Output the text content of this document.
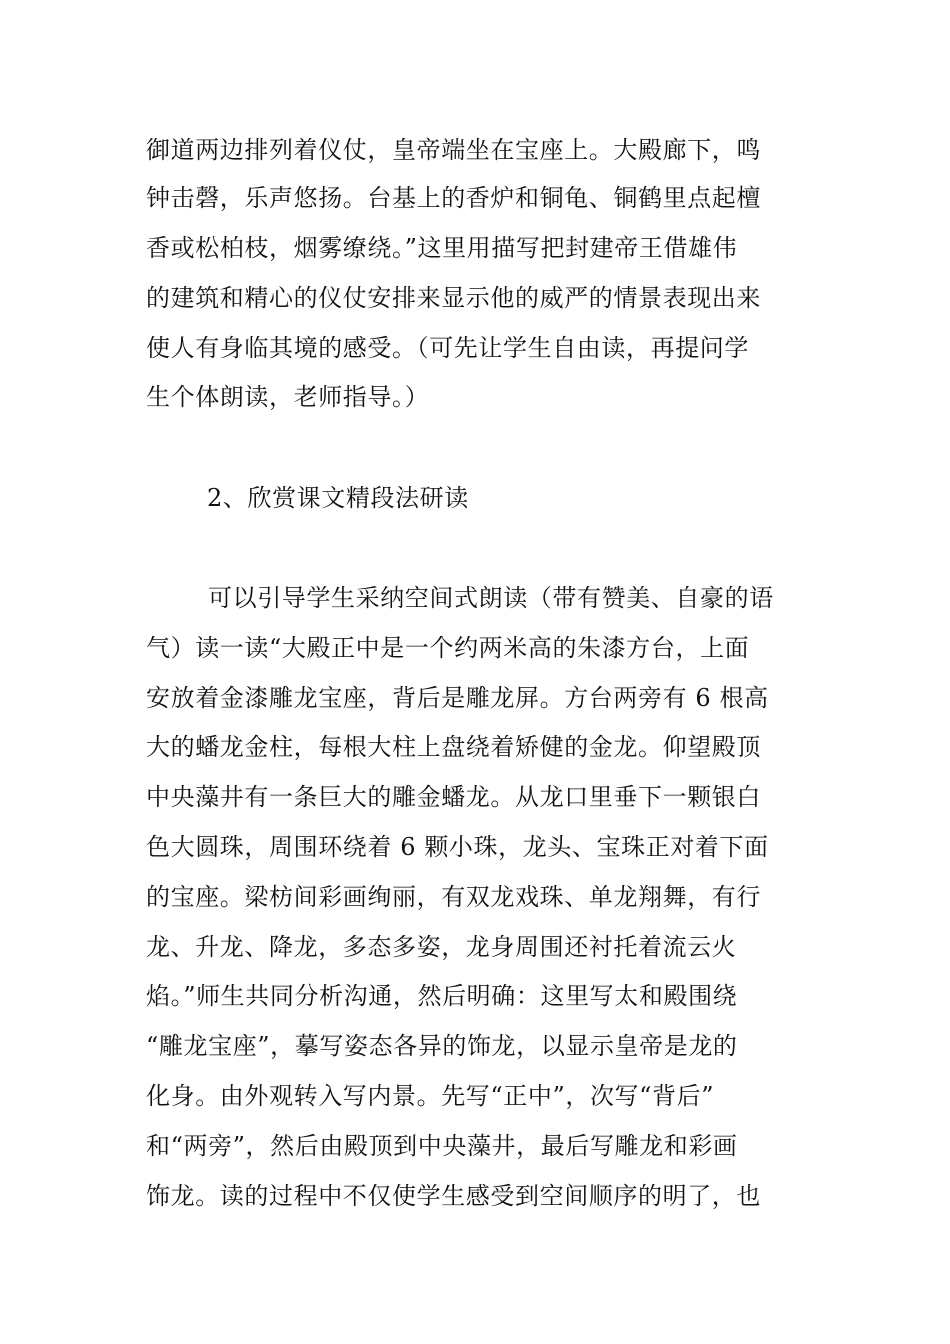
御道两边排列着仪仗，皇帝端坐在宝座上。大殿廊下，鸣
钟击磬，乐声悠扬。台基上的香炉和铜龟、铜鹤里点起檀
香或松柏枝，烟雾缭绕。”这里用描写把封建帝王借雄伟
的建筑和精心的仪仗安排来显示他的威严的情景表现出来
使人有身临其境的感受。（可先让学生自由读，再提问学
生个体朗读，老师指导。）
2、欣赏课文精段法研读
可以引导学生采纳空间式朗读（带有赞美、自豪的语
气）读一读“大殿正中是一个约两米高的朱漆方台，上面
安放着金漆雕龙宝座，背后是雕龙屏。方台两旁有 6 根高
大的蟠龙金柱，每根大柱上盘绕着矫健的金龙。仰望殿顶
中央藻井有一条巨大的雕金蟠龙。从龙口里垂下一颗银白
色大圆珠，周围环绕着 6 颗小珠，龙头、宝珠正对着下面
的宝座。梁枋间彩画绚丽，有双龙戏珠、单龙翔舞，有行
龙、升龙、降龙，多态多姿，龙身周围还衬托着流云火
焰。”师生共同分析沟通，然后明确：这里写太和殿围绕
“雕龙宝座”，摹写姿态各异的饰龙，以显示皇帝是龙的
化身。由外观转入写内景。先写“正中”，次写“背后”
和“两旁”，然后由殿顶到中央藻井，最后写雕龙和彩画
饰龙。读的过程中不仅使学生感受到空间顺序的明了，也
